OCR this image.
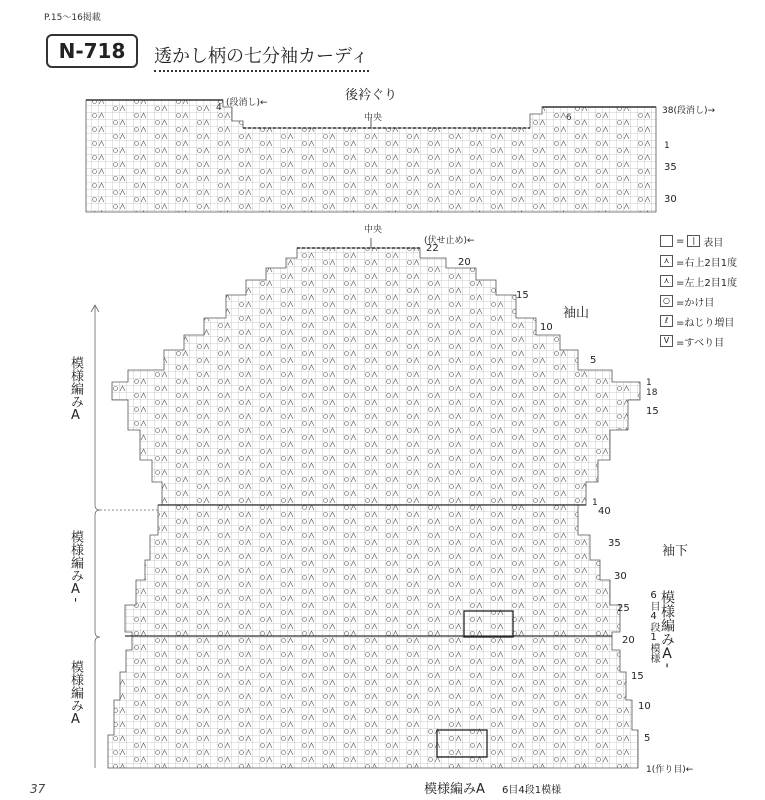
P.15〜16掲載
N-718 透かし柄の七分袖カーディ
後衿ぐり
中央
(段消し)←
38(段消し)→
1
35
30
中央
(伏せ止め)←
22
20
15
10
5
1
18
15
袖山
袖下
1
40
35
30
25
20
15
10
5
1(作り目)←
模様編みA
模様編みA'
模様編みA
模様編みA'
6目4段1模様
模様編みA 6目4段1模様
=	| 表目
⋏ =右上2目1度
⋏ =左上2目1度
○ =かけ目
ℓ =ねじり増目
V =すべり目
37
